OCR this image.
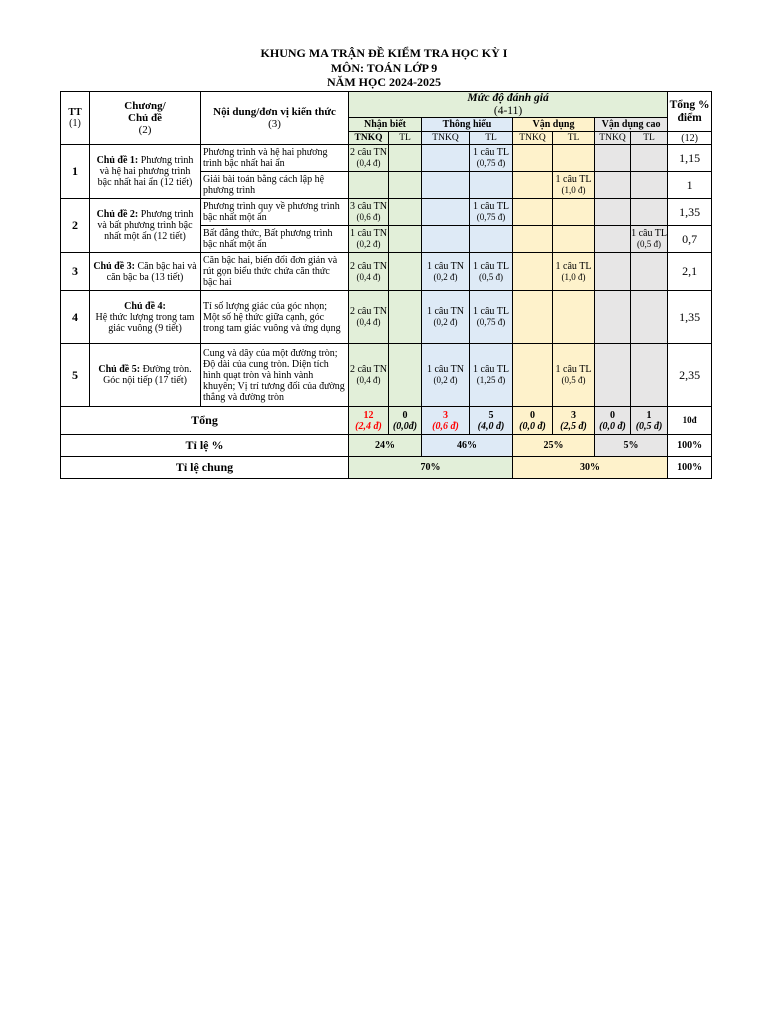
KHUNG MA TRẬN ĐỀ KIỂM TRA HỌC KỲ I
MÔN: TOÁN LỚP 9
NĂM HỌC 2024-2025
TT
(1)	Chương/
Chủ đề
(2)	Nội dung/đơn vị kiến thức
(3)	Mức độ đánh giá
(4-11)								Tổng %
điểm
			Nhận biết		Thông hiểu		Vận dụng		Vận dụng cao		
			TNKQ	TL	TNKQ	TL	TNKQ	TL	TNKQ	TL	(12)
1	Chủ đề 1: Phương trình và hệ hai phương trình bậc nhất hai ẩn (12 tiết)	Phương trình và hệ hai phương trình bậc nhất hai ẩn	2 câu TN
(0,4 đ)			1 câu TL
(0,75 đ)					1,15
		Giải bài toán bằng cách lập hệ phương trình						1 câu TL
(1,0 đ)			1
2	Chủ đề 2: Phương trình và bất phương trình bậc nhất một ẩn (12 tiết)	Phương trình quy về phương trình bậc nhất một ẩn	3 câu TN
(0,6 đ)			1 câu TL
(0,75 đ)					1,35
		Bất đẳng thức, Bất phương trình bậc nhất một ẩn	1 câu TN
(0,2 đ)							1 câu TL
(0,5 đ)	0,7
3	Chủ đề 3: Căn bậc hai và căn bậc ba (13 tiết)	Căn bậc hai, biến đổi đơn giản và rút gọn biểu thức chứa căn thức bậc hai	2 câu TN
(0,4 đ)		1 câu TN
(0,2 đ)	1 câu TL
(0,5 đ)		1 câu TL
(1,0 đ)			2,1
4	Chủ đề 4:
Hệ thức lượng trong tam giác vuông (9 tiết)	Tỉ số lượng giác của góc nhọn; Một số hệ thức giữa cạnh, góc trong tam giác vuông và ứng dụng	2 câu TN
(0,4 đ)		1 câu TN
(0,2 đ)	1 câu TL
(0,75 đ)					1,35
5	Chủ đề 5: Đường tròn. Góc nội tiếp (17 tiết)	Cung và dây của một đường tròn; Độ dài của cung tròn. Diện tích hình quạt tròn và hình vành khuyên; Vị trí tương đối của đường thẳng và đường tròn	2 câu TN
(0,4 đ)		1 câu TN
(0,2 đ)	1 câu TL
(1,25 đ)		1 câu TL
(0,5 đ)			2,35
Tổng			12
(2,4 đ)	0
(0,0đ)	3
(0,6 đ)	5
(4,0 đ)	0
(0,0 đ)	3
(2,5 đ)	0
(0,0 đ)	1
(0,5 đ)	10đ
Tỉ lệ %			24%		46%		25%		5%		100%
Tỉ lệ chung			70%				30%				100%
